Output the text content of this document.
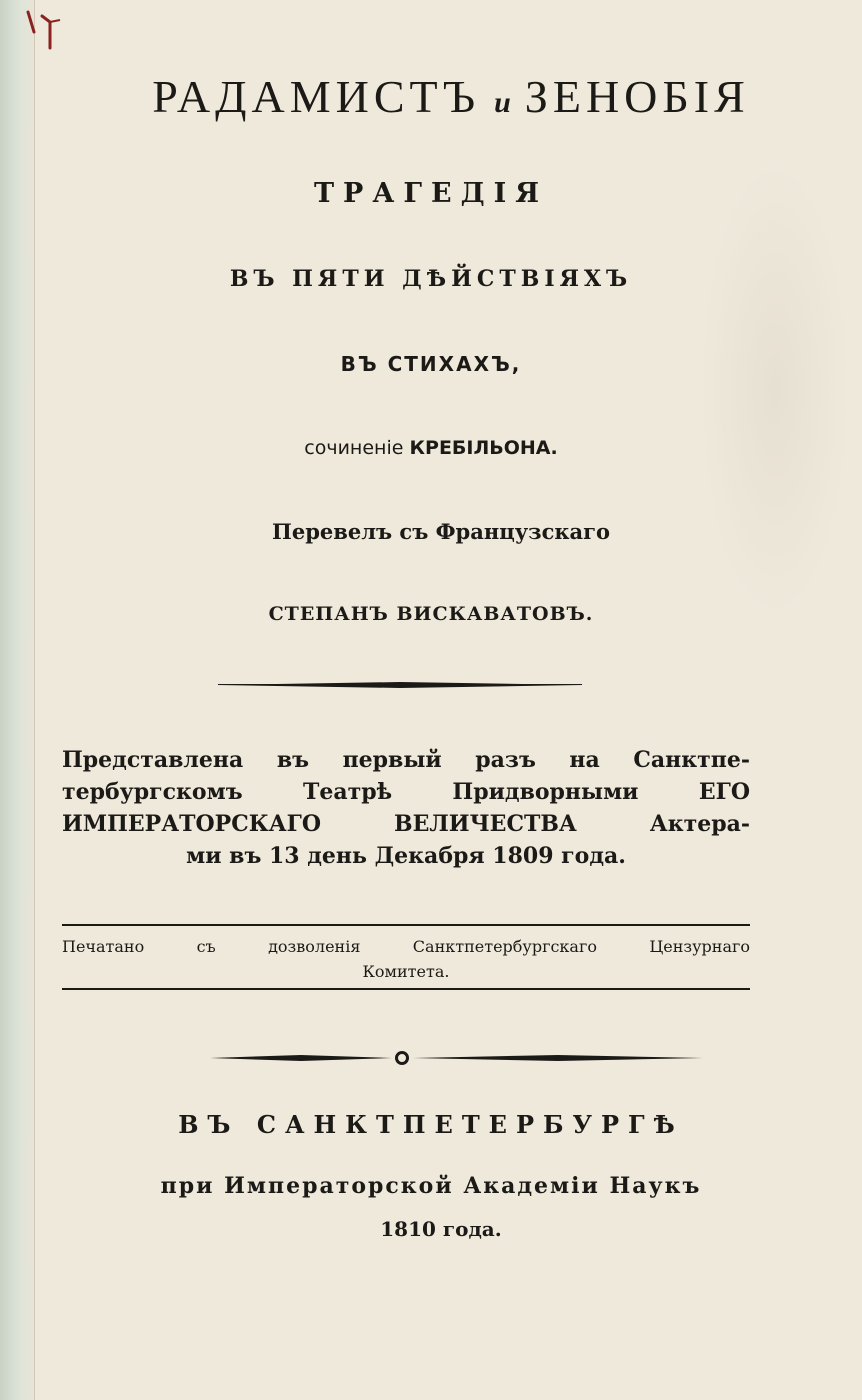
РАДАМИСТЪ и ЗЕНОБІЯ
ТРАГЕДІЯ
ВЪ ПЯТИ ДѢЙСТВІЯХЪ
ВЪ СТИХАХЪ,
сочиненіе КРЕБІЛЬОНА.
Перевелъ съ Французскаго
СТЕПАНЪ ВИСКАВАТОВЪ.
Представлена въ первый разъ на Санктпе-
тербургскомъ Театрѣ Придворными ЕГО
ИМПЕРАТОРСКАГО ВЕЛИЧЕСТВА Актера-
ми въ 13 день Декабря 1809 года.
Печатано съ дозволенія Санктпетербургскаго Цензурнаго
Комитета.
ВЪ САНКТПЕТЕРБУРГѢ
при Императорской Академіи Наукъ
1810 года.
